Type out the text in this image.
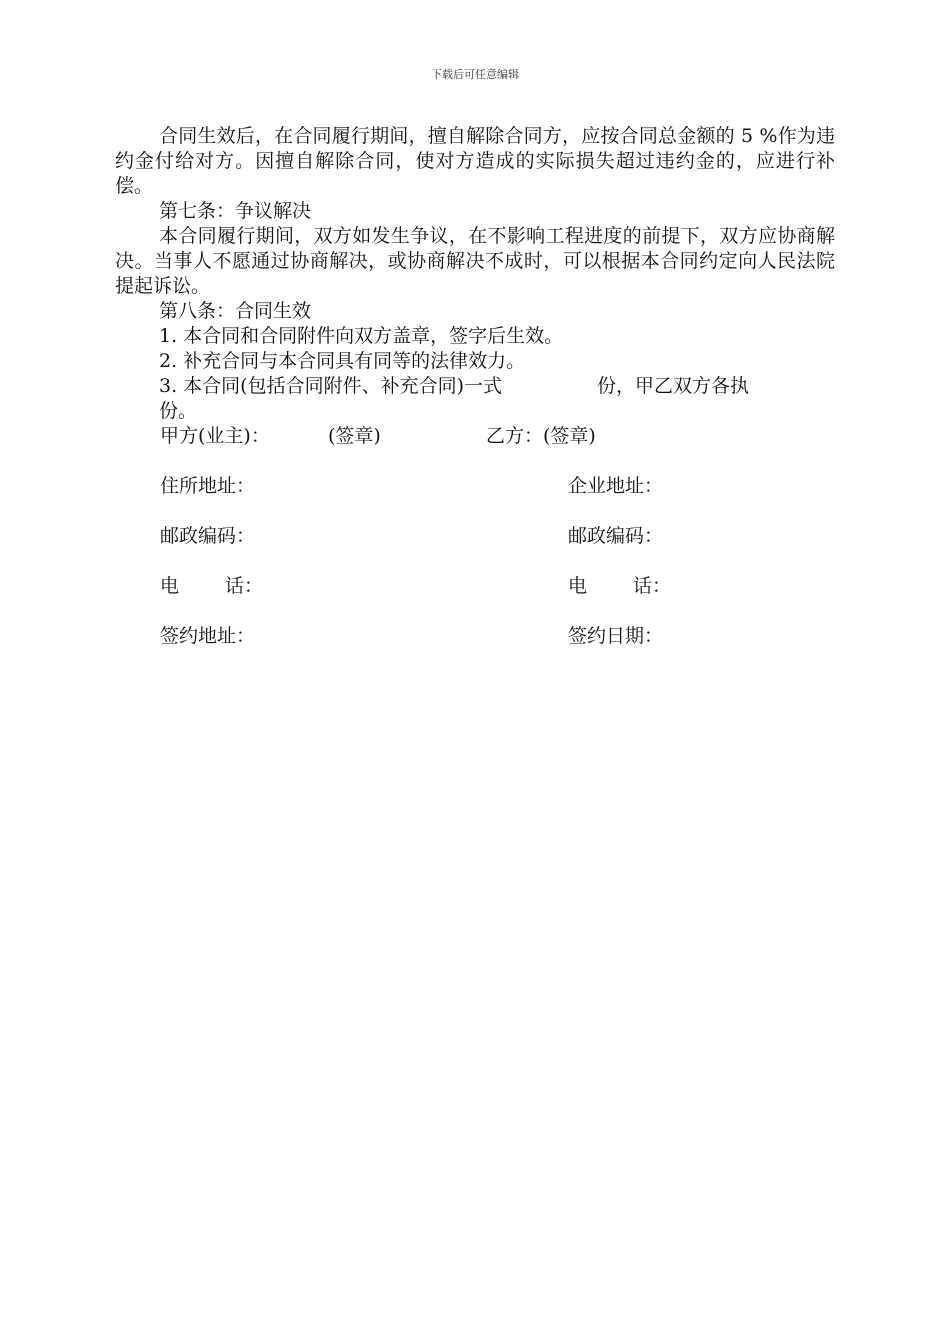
下载后可任意编辑
合同生效后，在合同履行期间，擅自解除合同方，应按合同总金额的 5 %作为违约金付给对方。因擅自解除合同，使对方造成的实际损失超过违约金的，应进行补偿。
第七条：争议解决
本合同履行期间，双方如发生争议，在不影响工程进度的前提下，双方应协商解决。当事人不愿通过协商解决，或协商解决不成时，可以根据本合同约定向人民法院提起诉讼。
第八条：合同生效
1. 本合同和合同附件向双方盖章，签字后生效。
2. 补充合同与本合同具有同等的法律效力。
3. 本合同(包括合同附件、补充合同)一式	份，甲乙双方各执份。
甲方(业主)：	(签章)	乙方：(签章)
住所地址：	企业地址：
邮政编码：	邮政编码：
电 话：	电 话：
签约地址：	签约日期：
